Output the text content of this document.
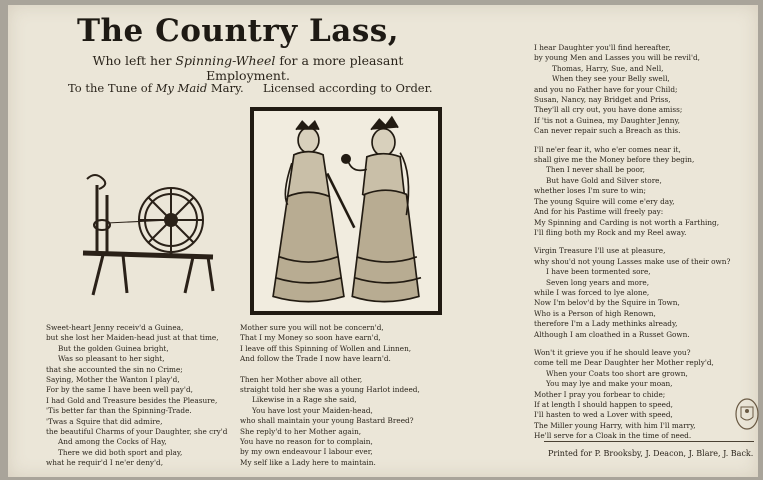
The Country Lass,
Who left her Spinning-Wheel for a more pleasant Employment.
To the Tune of My Maid Mary.	Licensed according to Order.
Sweet-heart Jenny receiv'd a Guinea,
but she lost her Maiden-head just at that time,
But the golden Guinea bright,
Was so pleasant to her sight,
that she accounted the sin no Crime;
Saying, Mother the Wanton I play'd,
For by the same I have been well pay'd,
I had Gold and Treasure besides the Pleasure,
'Tis better far than the Spinning-Trade.
'Twas a Squire that did admire,
the beautiful Charms of your Daughter, she cry'd
And among the Cocks of Hay,
There we did both sport and play,
what he requir'd I ne'er deny'd,
Mother sure you will not be concern'd,
That I my Money so soon have earn'd,
I leave off this Spinning of Wollen and Linnen,
And follow the Trade I now have learn'd.
Then her Mother above all other,
straight told her she was a young Harlot indeed,
Likewise in a Rage she said,
You have lost your Maiden-head,
who shall maintain your young Bastard Breed?
She reply'd to her Mother again,
You have no reason for to complain,
by my own endeavour I labour ever,
My self like a Lady here to maintain.
I hear Daughter you'll find hereafter,
by young Men and Lasses you will be revil'd,
Thomas, Harry, Sue, and Nell,
When they see your Belly swell,
and you no Father have for your Child;
Susan, Nancy, nay Bridget and Priss,
They'll all cry out, you have done amiss;
If 'tis not a Guinea, my Daughter Jenny,
Can never repair such a Breach as this.
I'll ne'er fear it, who e'er comes near it,
shall give me the Money before they begin,
Then I never shall be poor,
But have Gold and Silver store,
whether loses I'm sure to win;
The young Squire will come e'ery day,
And for his Pastime will freely pay:
My Spinning and Carding is not worth a Farthing,
I'll fling both my Rock and my Reel away.
Virgin Treasure I'll use at pleasure,
why shou'd not young Lasses make use of their own?
I have been tormented sore,
Seven long years and more,
while I was forced to lye alone,
Now I'm belov'd by the Squire in Town,
Who is a Person of high Renown,
therefore I'm a Lady methinks already,
Although I am cloathed in a Russet Gown.
Won't it grieve you if he should leave you?
come tell me Dear Daughter her Mother reply'd,
When your Coats too short are grown,
You may lye and make your moan,
Mother I pray you forbear to chide;
If at length I should happen to speed,
I'll hasten to wed a Lover with speed,
The Miller young Harry, with him I'll marry,
He'll serve for a Cloak in the time of need.
Printed for P. Brooksby, J. Deacon, J. Blare, J. Back.
